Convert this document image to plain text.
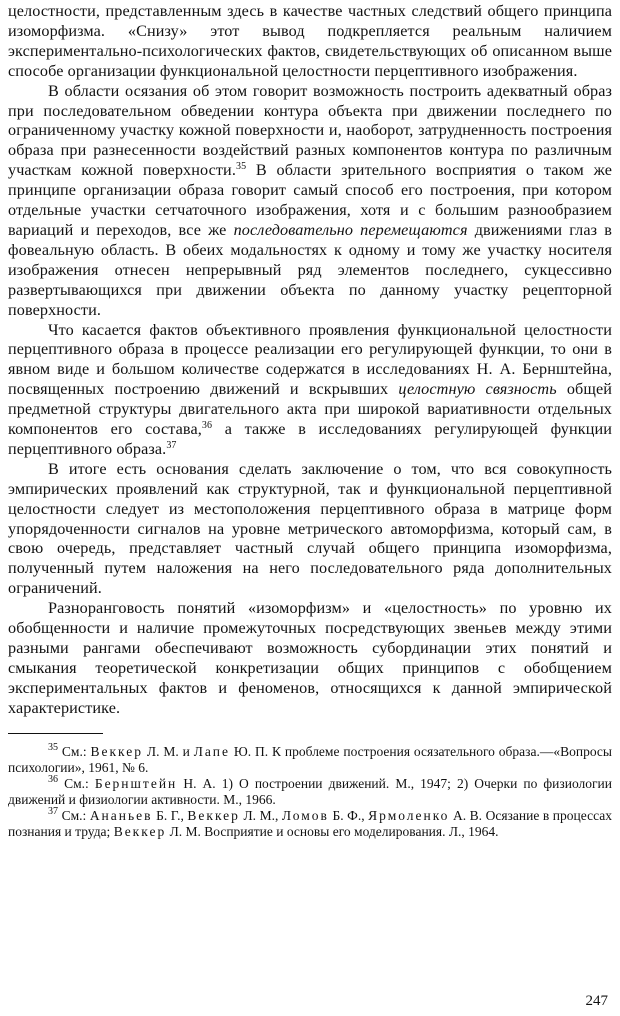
целостности, представленным здесь в качестве частных следствий общего принципа изоморфизма. «Снизу» этот вывод подкрепляется реальным наличием экспериментально-психологических фактов, свидетельствующих об описанном выше способе организации функциональной целостности перцептивного изображения.

В области осязания об этом говорит возможность построить адекватный образ при последовательном обведении контура объекта при движении последнего по ограниченному участку кожной поверхности и, наоборот, затрудненность построения образа при разнесенности воздействий разных компонентов контура по различным участкам кожной поверхности.$^{35}$ В области зрительного восприятия о таком же принципе организации образа говорит самый способ его построения, при котором отдельные участки сетчаточного изображения, хотя и с большим разнообразием вариаций и переходов, все же последовательно перемещаются движениями глаз в фовеальную область. В обеих модальностях к одному и тому же участку носителя изображения отнесен непрерывный ряд элементов последнего, сукцессивно развертывающихся при движении объекта по данному участку рецепторной поверхности.

Что касается фактов объективного проявления функциональной целостности перцептивного образа в процессе реализации его регулирующей функции, то они в явном виде и большом количестве содержатся в исследованиях Н. А. Бернштейна, посвященных построению движений и вскрывших целостную связность общей предметной структуры двигательного акта при широкой вариативности отдельных компонентов его состава,$^{36}$ а также в исследованиях регулирующей функции перцептивного образа.$^{37}$

В итоге есть основания сделать заключение о том, что вся совокупность эмпирических проявлений как структурной, так и функциональной перцептивной целостности следует из местоположения перцептивного образа в матрице форм упорядоченности сигналов на уровне метрического автоморфизма, который сам, в свою очередь, представляет частный случай общего принципа изоморфизма, полученный путем наложения на него последовательного ряда дополнительных ограничений.

Разноранговость понятий «изоморфизм» и «целостность» по уровню их обобщенности и наличие промежуточных посредствующих звеньев между этими разными рангами обеспечивают возможность субординации этих понятий и смыкания теоретической конкретизации общих принципов с обобщением экспериментальных фактов и феноменов, относящихся к данной эмпирической характеристике.

$^{35}$ См.: Веккер Л. М. и Лапе Ю. П. К проблеме построения осязательного образа.—«Вопросы психологии», 1961, № 6.

$^{36}$ См.: Бернштейн Н. А. 1) О построении движений. М., 1947; 2) Очерки по физиологии движений и физиологии активности. М., 1966.

$^{37}$ См.: Ананьев Б. Г., Веккер Л. М., Ломов Б. Ф., Ярмоленко А. В. Осязание в процессах познания и труда; Веккер Л. М. Восприятие и основы его моделирования. Л., 1964.

247
